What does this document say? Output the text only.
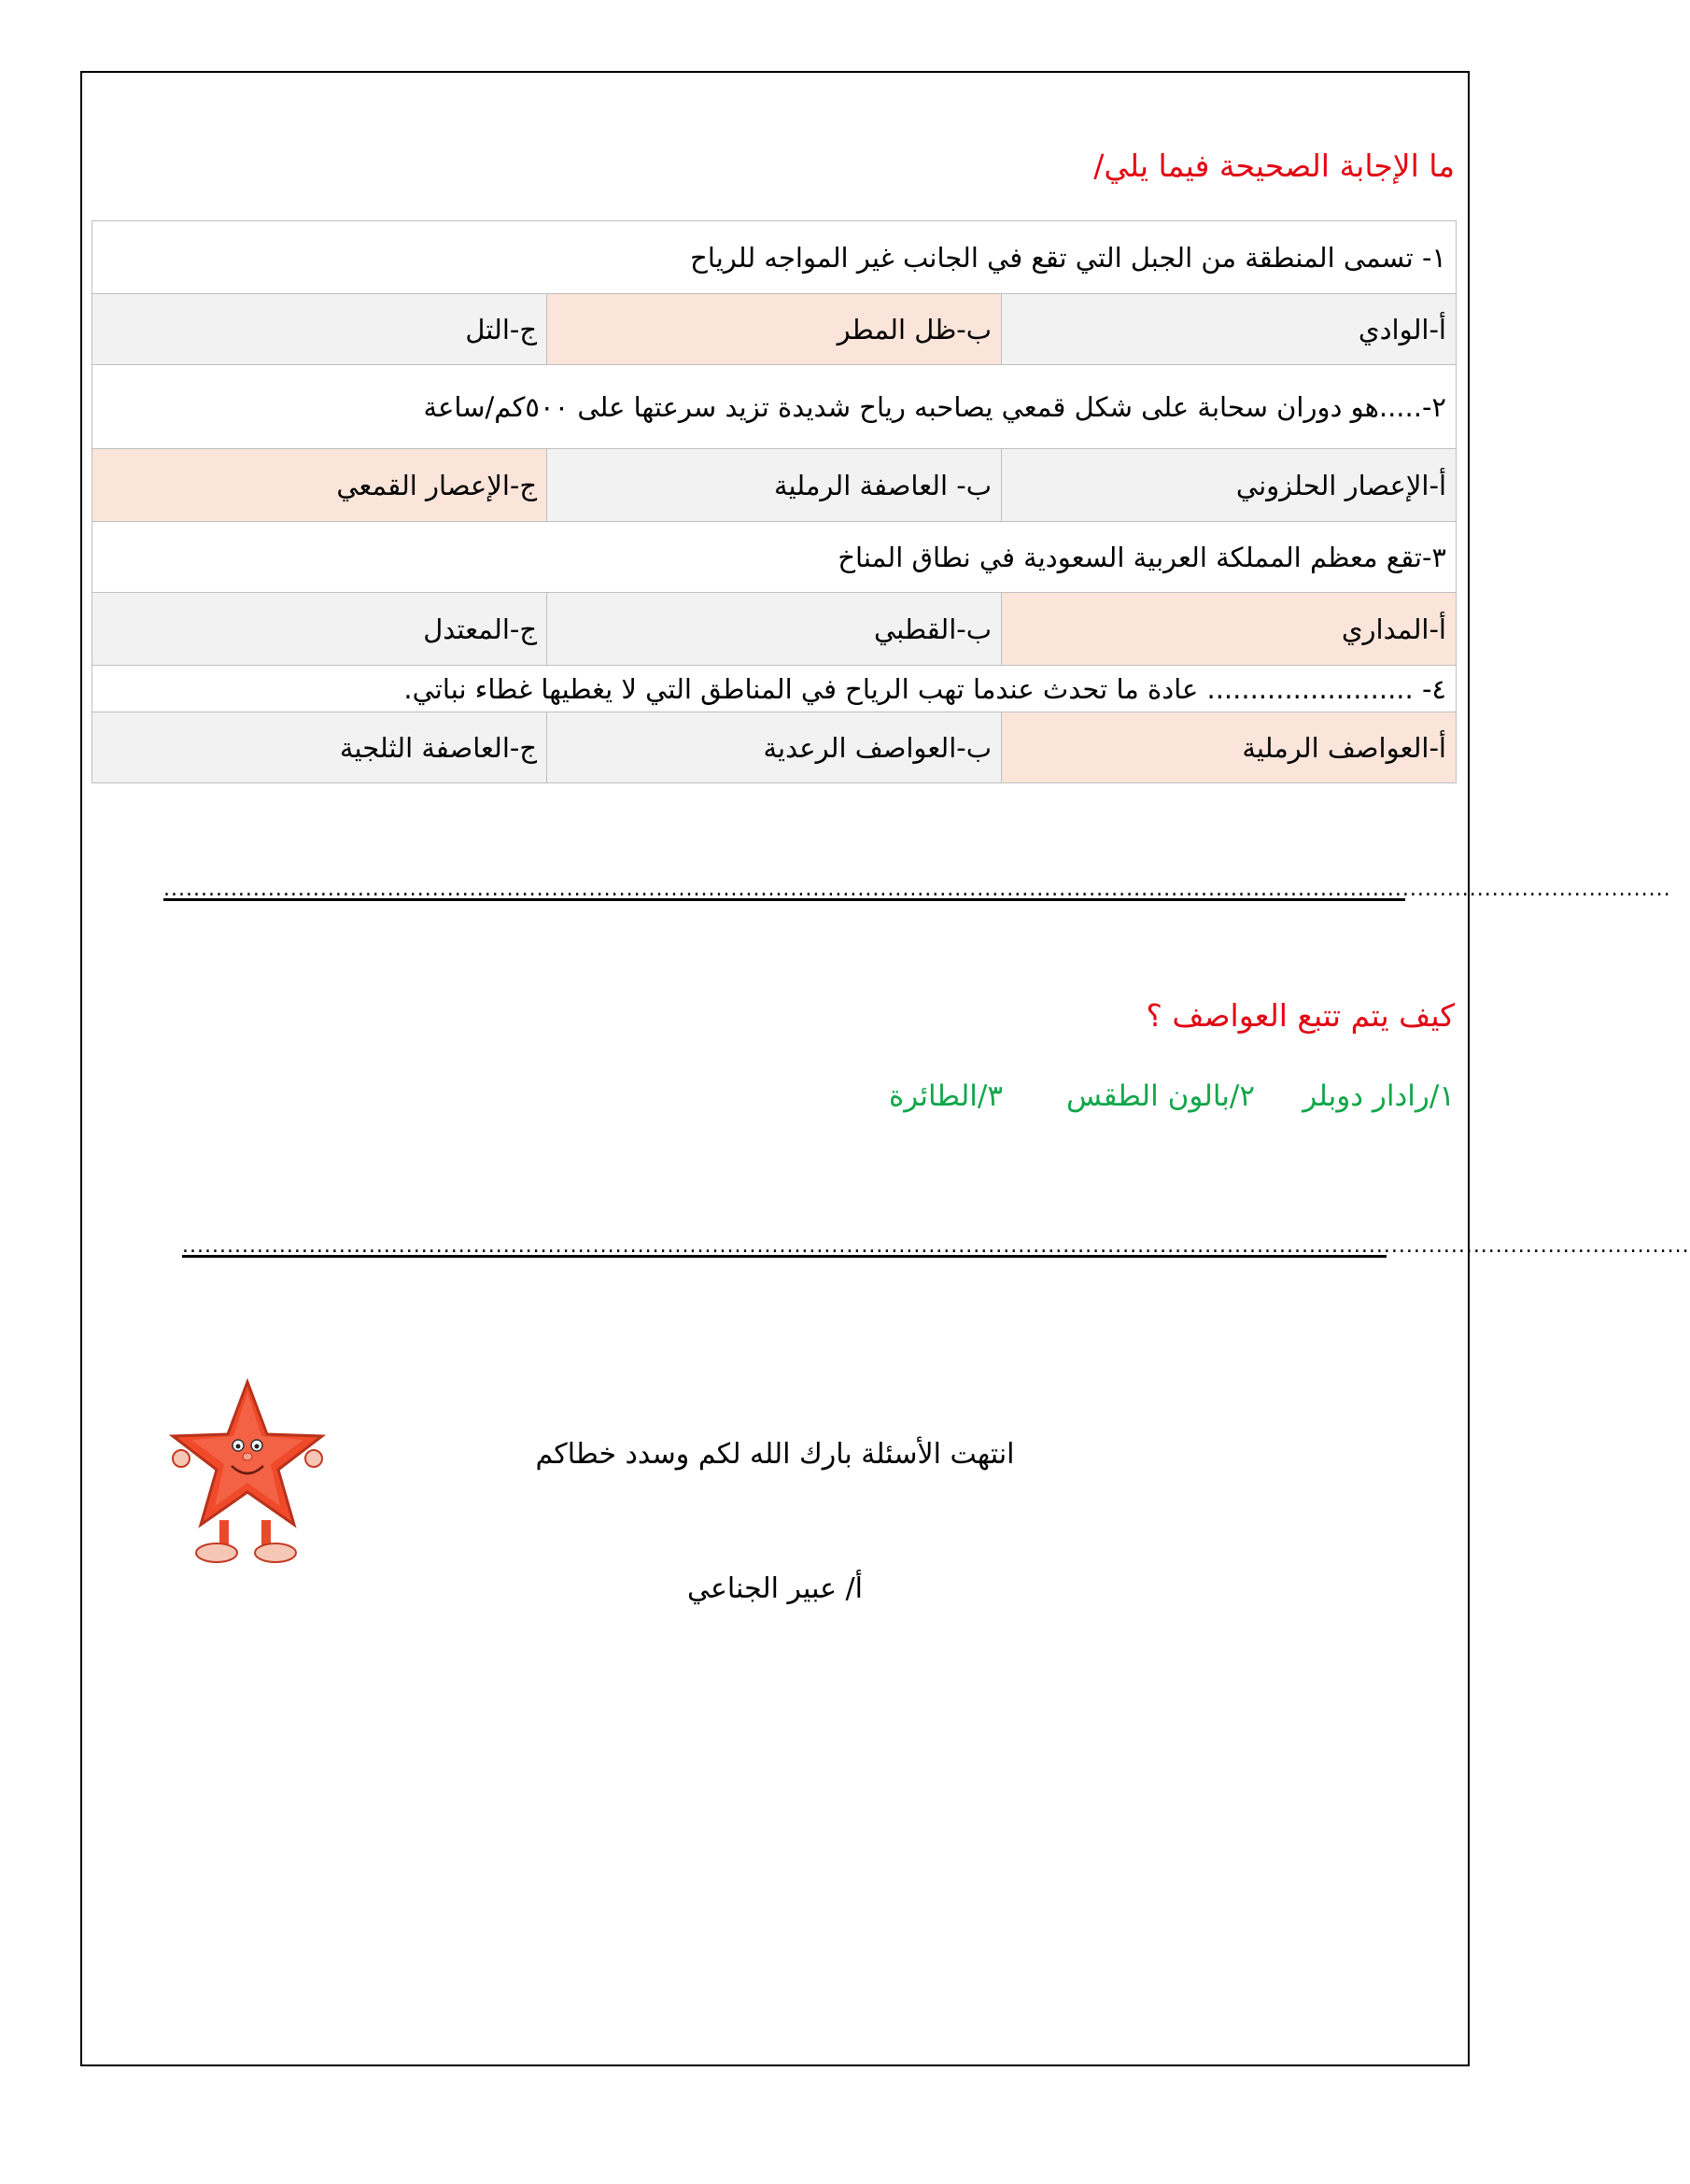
ما الإجابة الصحيحة فيما يلي/
١- تسمى المنطقة من الجبل التي تقع في الجانب غير المواجه للرياح		
أ-الوادي	ب-ظل المطر	ج-التل
٢-.....هو دوران سحابة على شكل قمعي يصاحبه رياح شديدة تزيد سرعتها على ٥٠٠كم/ساعة		
أ-الإعصار الحلزوني	ب- العاصفة الرملية	ج-الإعصار القمعي
٣-تقع معظم المملكة العربية السعودية في نطاق المناخ		
أ-المداري	ب-القطبي	ج-المعتدل
٤- ........................ عادة ما تحدث عندما تهب الرياح في المناطق التي لا يغطيها غطاء نباتي.		
أ-العواصف الرملية	ب-العواصف الرعدية	ج-العاصفة الثلجية
..........................................................................................................................................................................................................
كيف يتم تتبع العواصف ؟
١/رادار دوبلر
٢/بالون الطقس
٣/الطائرة
..........................................................................................................................................................................................................
انتهت الأسئلة بارك الله لكم وسدد خطاكم
أ/ عبير الجناعي
